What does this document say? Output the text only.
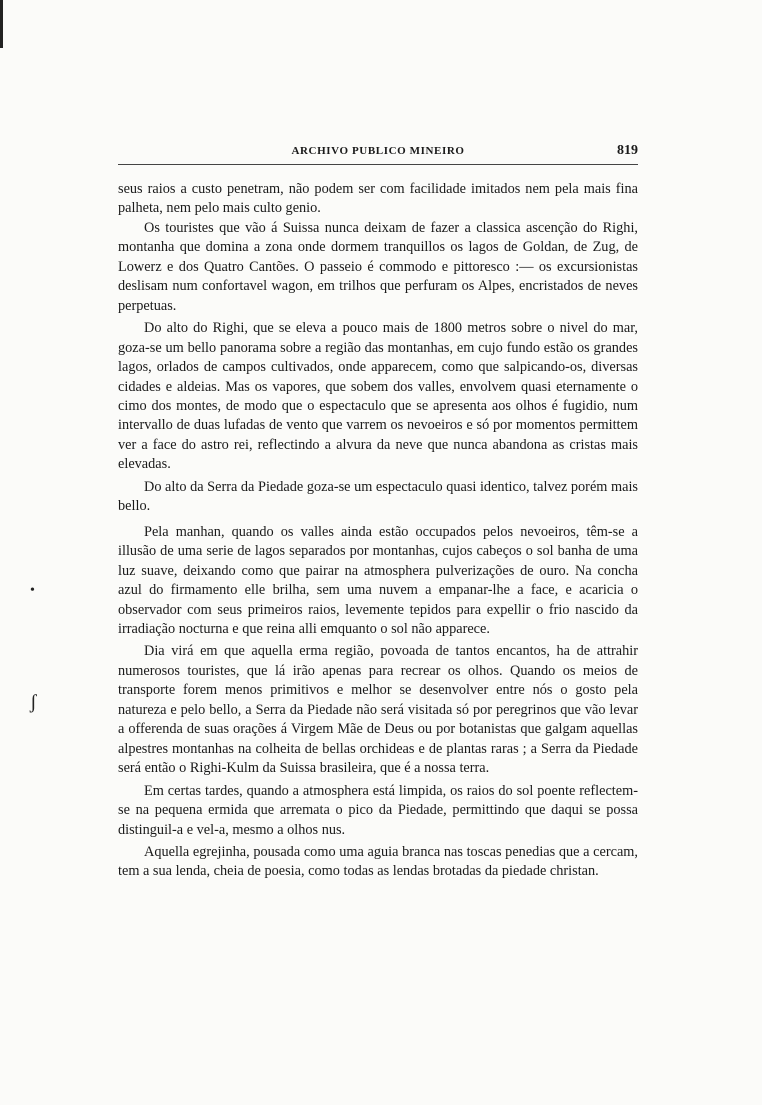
•
ʃ
ARCHIVO PUBLICO MINEIRO	819

seus raios a custo penetram, não podem ser com facilidade imitados nem pela mais fina palheta, nem pelo mais culto genio.

Os touristes que vão á Suissa nunca deixam de fazer a classica ascenção do Righi, montanha que domina a zona onde dormem tranquillos os lagos de Goldan, de Zug, de Lowerz e dos Quatro Cantões. O passeio é commodo e pittoresco :— os excursionistas deslisam num confortavel wagon, em trilhos que perfuram os Alpes, encristados de neves perpetuas.

Do alto do Righi, que se eleva a pouco mais de 1800 metros sobre o nivel do mar, goza-se um bello panorama sobre a região das montanhas, em cujo fundo estão os grandes lagos, orlados de campos cultivados, onde apparecem, como que salpicando-os, diversas cidades e aldeias. Mas os vapores, que sobem dos valles, envolvem quasi eternamente o cimo dos montes, de modo que o espectaculo que se apresenta aos olhos é fugidio, num intervallo de duas lufadas de vento que varrem os nevoeiros e só por momentos permittem ver a face do astro rei, reflectindo a alvura da neve que nunca abandona as cristas mais elevadas.

Do alto da Serra da Piedade goza-se um espectaculo quasi identico, talvez porém mais bello.

Pela manhan, quando os valles ainda estão occupados pelos nevoeiros, têm-se a illusão de uma serie de lagos separados por montanhas, cujos cabeços o sol banha de uma luz suave, deixando como que pairar na atmosphera pulverizações de ouro. Na concha azul do firmamento elle brilha, sem uma nuvem a empanar-lhe a face, e acaricia o observador com seus primeiros raios, levemente tepidos para expellir o frio nascido da irradiação nocturna e que reina alli emquanto o sol não apparece.

Dia virá em que aquella erma região, povoada de tantos encantos, ha de attrahir numerosos touristes, que lá irão apenas para recrear os olhos. Quando os meios de transporte forem menos primitivos e melhor se desenvolver entre nós o gosto pela natureza e pelo bello, a Serra da Piedade não será visitada só por peregrinos que vão levar a offerenda de suas orações á Virgem Mãe de Deus ou por botanistas que galgam aquellas alpestres montanhas na colheita de bellas orchideas e de plantas raras ; a Serra da Piedade será então o Righi-Kulm da Suissa brasileira, que é a nossa terra.

Em certas tardes, quando a atmosphera está limpida, os raios do sol poente reflectem-se na pequena ermida que arremata o pico da Piedade, permittindo que daqui se possa distinguil-a e vel-a, mesmo a olhos nus.

Aquella egrejinha, pousada como uma aguia branca nas toscas penedias que a cercam, tem a sua lenda, cheia de poesia, como todas as lendas brotadas da piedade christan.
